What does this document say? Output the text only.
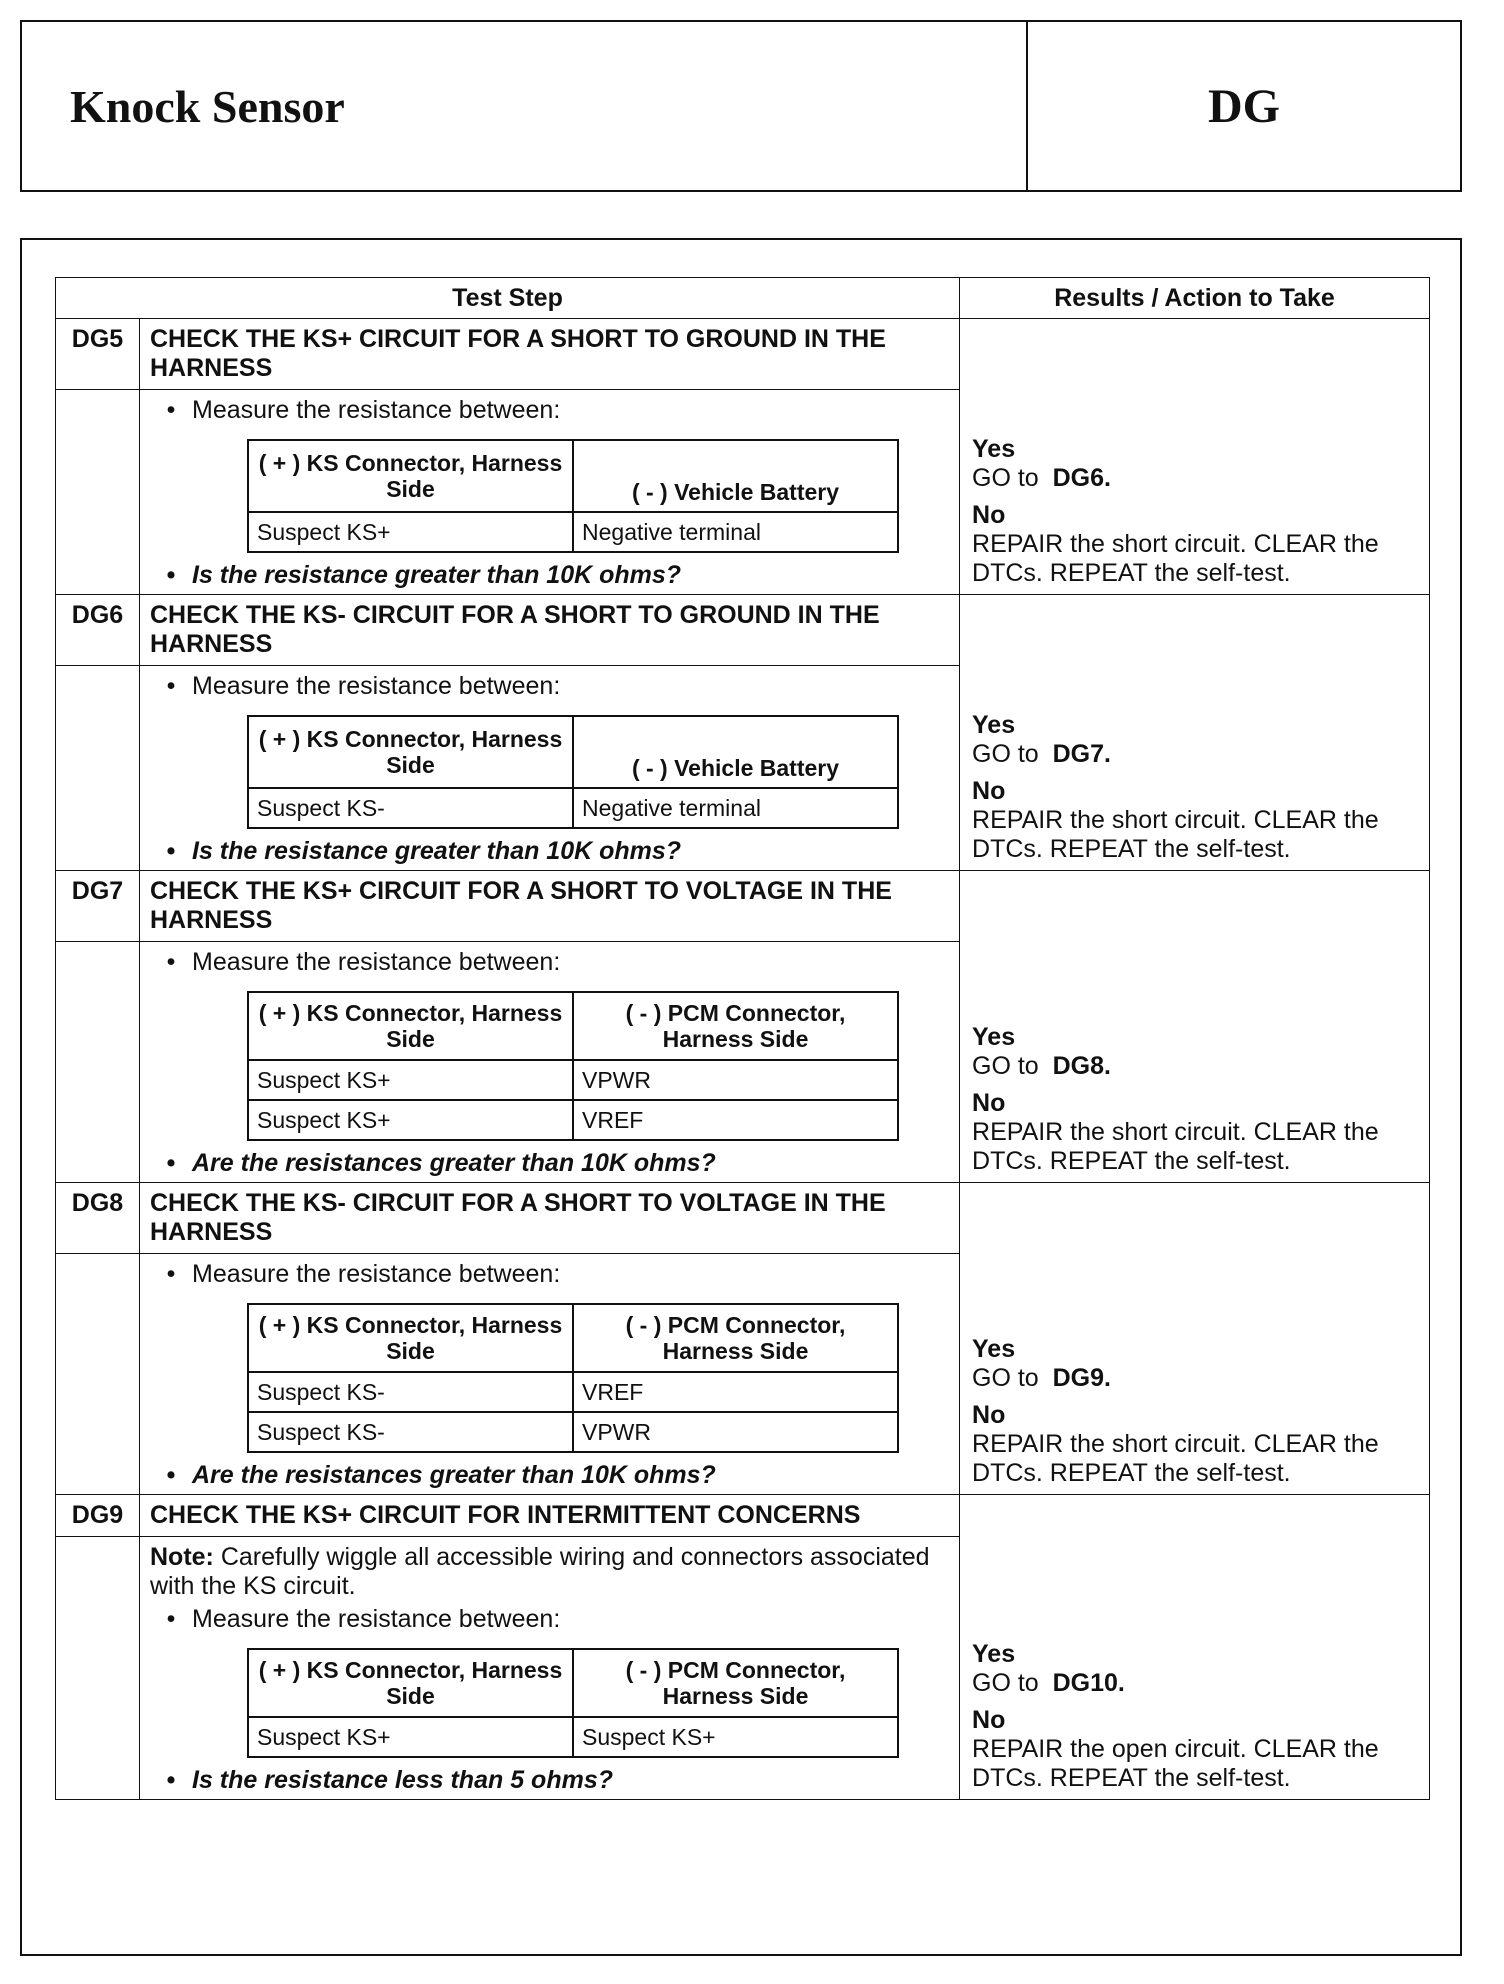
Knock Sensor	DG
Test Step	Results / Action to Take
DG5	CHECK THE KS+ CIRCUIT FOR A SHORT TO GROUND IN THE HARNESS	
Yes
GO to DG6.
No
REPAIR the short circuit. CLEAR the DTCs. REPEAT the self-test.

• Measure the resistance between:
( + ) KS Connector, Harness Side	( - ) Vehicle Battery
Suspect KS+	Negative terminal
• Is the resistance greater than 10K ohms?

DG6	CHECK THE KS- CIRCUIT FOR A SHORT TO GROUND IN THE HARNESS	
Yes
GO to DG7.
No
REPAIR the short circuit. CLEAR the DTCs. REPEAT the self-test.

• Measure the resistance between:
( + ) KS Connector, Harness Side	( - ) Vehicle Battery
Suspect KS-	Negative terminal
• Is the resistance greater than 10K ohms?

DG7	CHECK THE KS+ CIRCUIT FOR A SHORT TO VOLTAGE IN THE HARNESS	
Yes
GO to DG8.
No
REPAIR the short circuit. CLEAR the DTCs. REPEAT the self-test.

• Measure the resistance between:
( + ) KS Connector, Harness Side	( - ) PCM Connector, Harness Side
Suspect KS+	VPWR
Suspect KS+	VREF
• Are the resistances greater than 10K ohms?

DG8	CHECK THE KS- CIRCUIT FOR A SHORT TO VOLTAGE IN THE HARNESS	
Yes
GO to DG9.
No
REPAIR the short circuit. CLEAR the DTCs. REPEAT the self-test.

• Measure the resistance between:
( + ) KS Connector, Harness Side	( - ) PCM Connector, Harness Side
Suspect KS-	VREF
Suspect KS-	VPWR
• Are the resistances greater than 10K ohms?

DG9	CHECK THE KS+ CIRCUIT FOR INTERMITTENT CONCERNS	
Yes
GO to DG10.
No
REPAIR the open circuit. CLEAR the DTCs. REPEAT the self-test.

Note: Carefully wiggle all accessible wiring and connectors associated with the KS circuit.
• Measure the resistance between:
( + ) KS Connector, Harness Side	( - ) PCM Connector, Harness Side
Suspect KS+	Suspect KS+
• Is the resistance less than 5 ohms?
